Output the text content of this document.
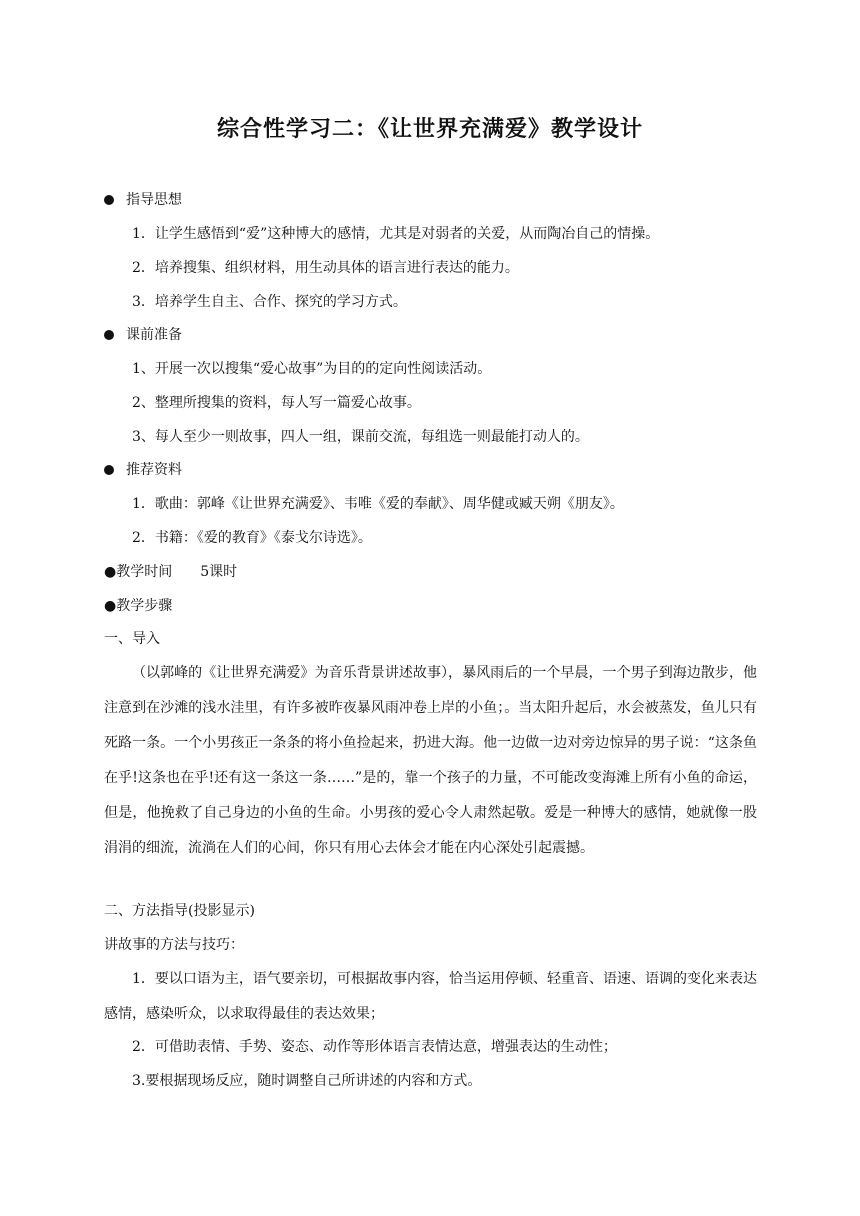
综合性学习二：《让世界充满爱》教学设计
指导思想
1．让学生感悟到“爱”这种博大的感情，尤其是对弱者的关爱，从而陶冶自己的情操。
2．培养搜集、组织材料，用生动具体的语言进行表达的能力。
3．培养学生自主、合作、探究的学习方式。
课前准备
1、开展一次以搜集“爱心故事”为目的的定向性阅读活动。
2、整理所搜集的资料，每人写一篇爱心故事。
3、每人至少一则故事，四人一组，课前交流，每组选一则最能打动人的。
推荐资料
1．歌曲：郭峰《让世界充满爱》、韦唯《爱的奉献》、周华健或臧天朔《朋友》。
2．书籍：《爱的教育》《泰戈尔诗选》。
●教学时间　　5课时
●教学步骤
一、导入
（以郭峰的《让世界充满爱》为音乐背景讲述故事），暴风雨后的一个早晨，一个男子到海边散步，他注意到在沙滩的浅水洼里，有许多被昨夜暴风雨冲卷上岸的小鱼；。当太阳升起后，水会被蒸发，鱼儿只有死路一条。一个小男孩正一条条的将小鱼捡起来，扔进大海。他一边做一边对旁边惊异的男子说：“这条鱼在乎!这条也在乎!还有这一条这一条……”是的，靠一个孩子的力量，不可能改变海滩上所有小鱼的命运，但是，他挽救了自己身边的小鱼的生命。小男孩的爱心令人肃然起敬。爱是一种博大的感情，她就像一股涓涓的细流，流淌在人们的心间，你只有用心去体会才能在内心深处引起震撼。
二、方法指导(投影显示)
讲故事的方法与技巧：
1．要以口语为主，语气要亲切，可根据故事内容，恰当运用停顿、轻重音、语速、语调的变化来表达感情，感染听众，以求取得最佳的表达效果；
2．可借助表情、手势、姿态、动作等形体语言表情达意，增强表达的生动性；
3.要根据现场反应，随时调整自己所讲述的内容和方式。
